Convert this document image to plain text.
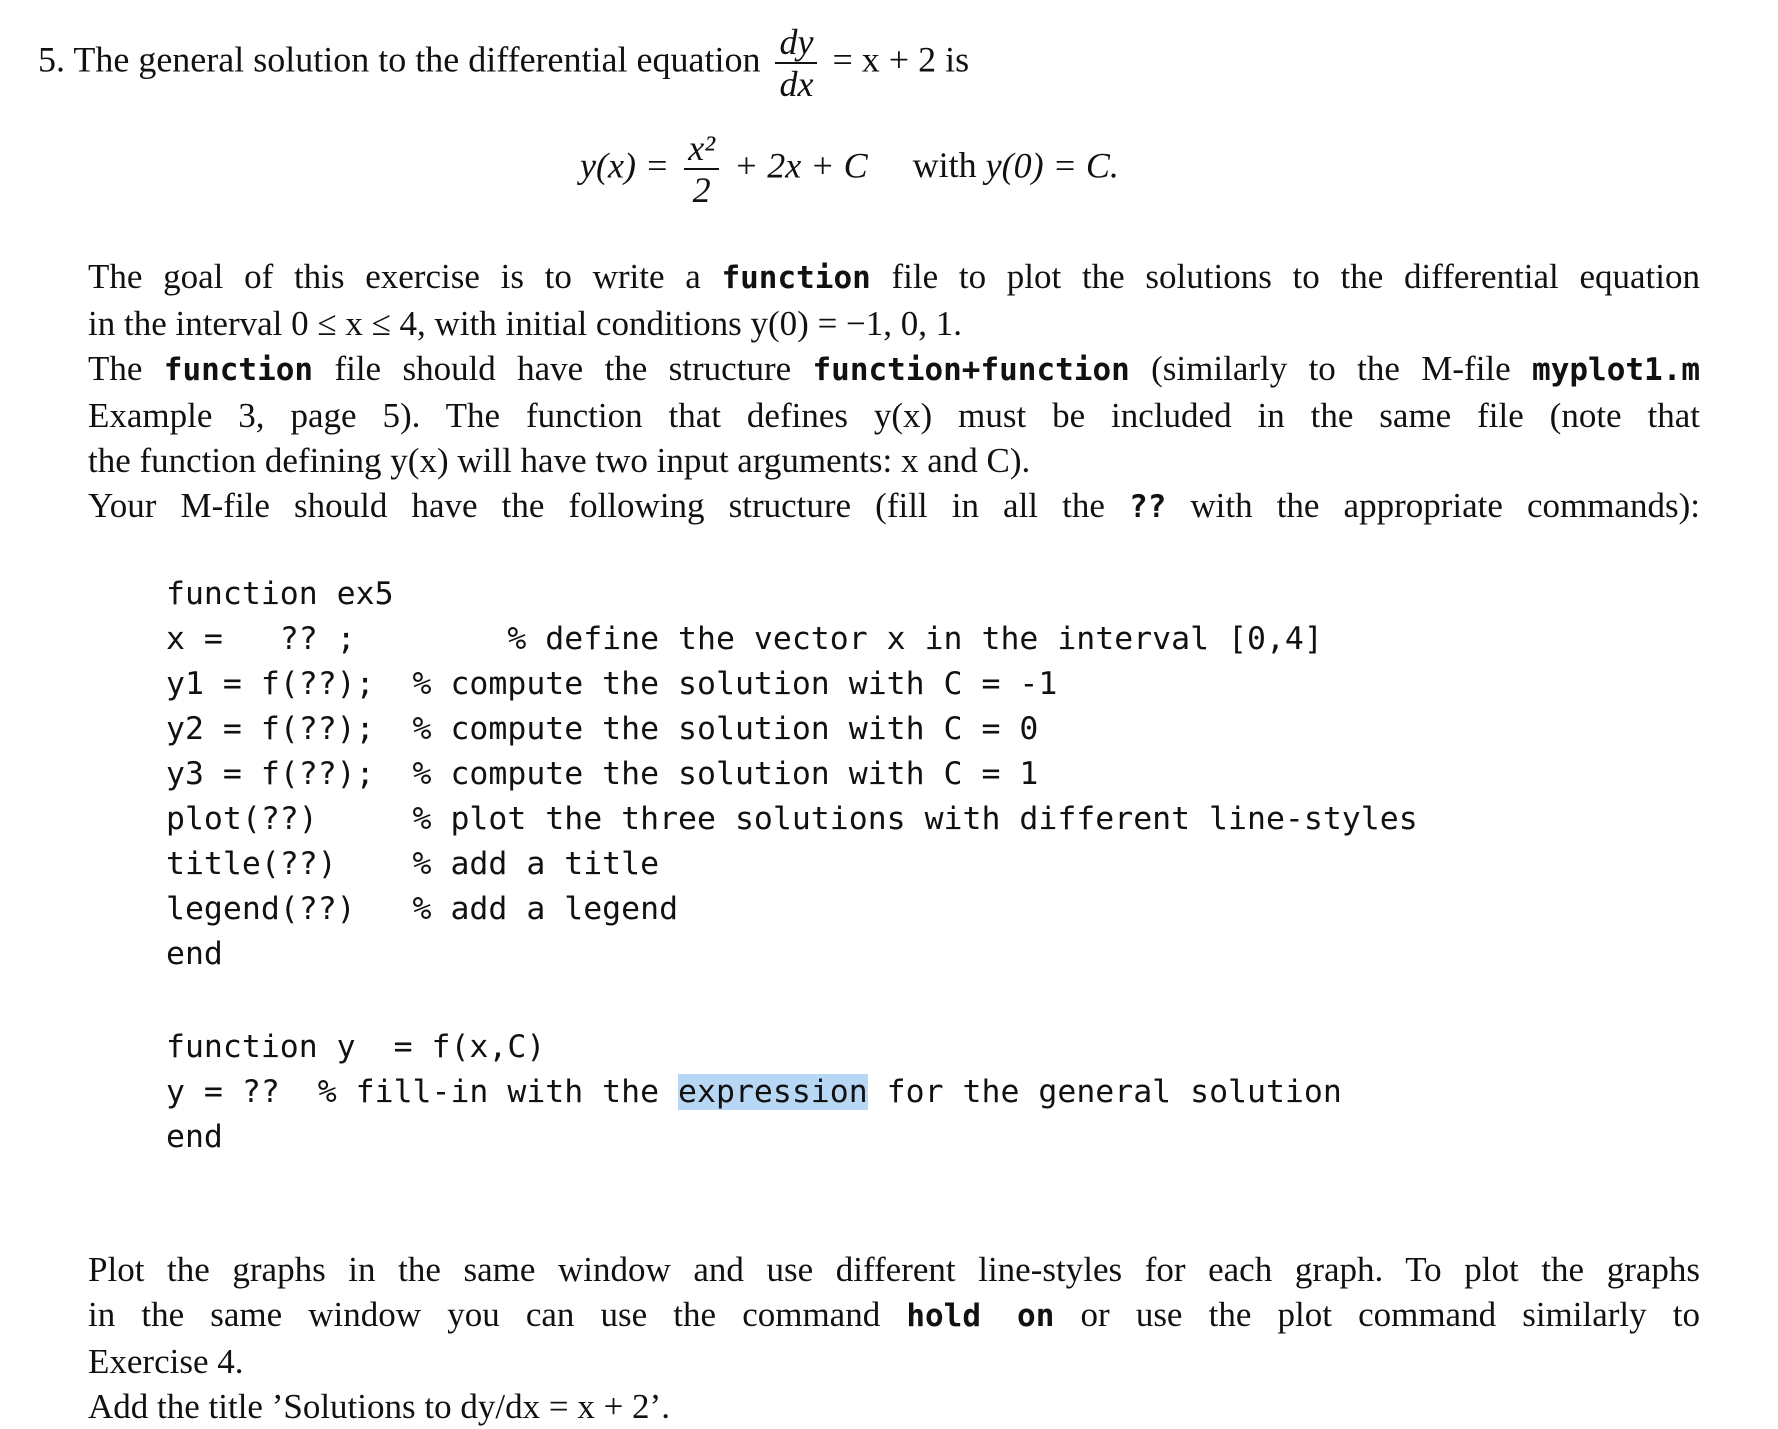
5. The general solution to the differential equation $\frac{dy}{dx} = x + 2$ is
$y(x) = \frac{\text{x²}}{2} + 2x + C$ with y(0) = C.
The goal of this exercise is to write a function file to plot the solutions to the differential equation
in the interval 0 ≤ x ≤ 4, with initial conditions y(0) = −1, 0, 1.
The function file should have the structure function+function (similarly to the M-file myplot1.m
Example 3, page 5). The function that defines y(x) must be included in the same file (note that
the function defining y(x) will have two input arguments: x and C).
Your M-file should have the following structure (fill in all the ?? with the appropriate commands):
function ex5
x =   ?? ;        % define the vector x in the interval [0,4]
y1 = f(??);  % compute the solution with C = -1
y2 = f(??);  % compute the solution with C = 0
y3 = f(??);  % compute the solution with C = 1
plot(??)     % plot the three solutions with different line-styles
title(??)    % add a title
legend(??)   % add a legend
end
function y  = f(x,C)
y = ??  % fill-in with the expression for the general solution
end
Plot the graphs in the same window and use different line-styles for each graph. To plot the graphs
in the same window you can use the command hold on or use the plot command similarly to
Exercise 4.
Add the title ’Solutions to dy/dx = x + 2’.
